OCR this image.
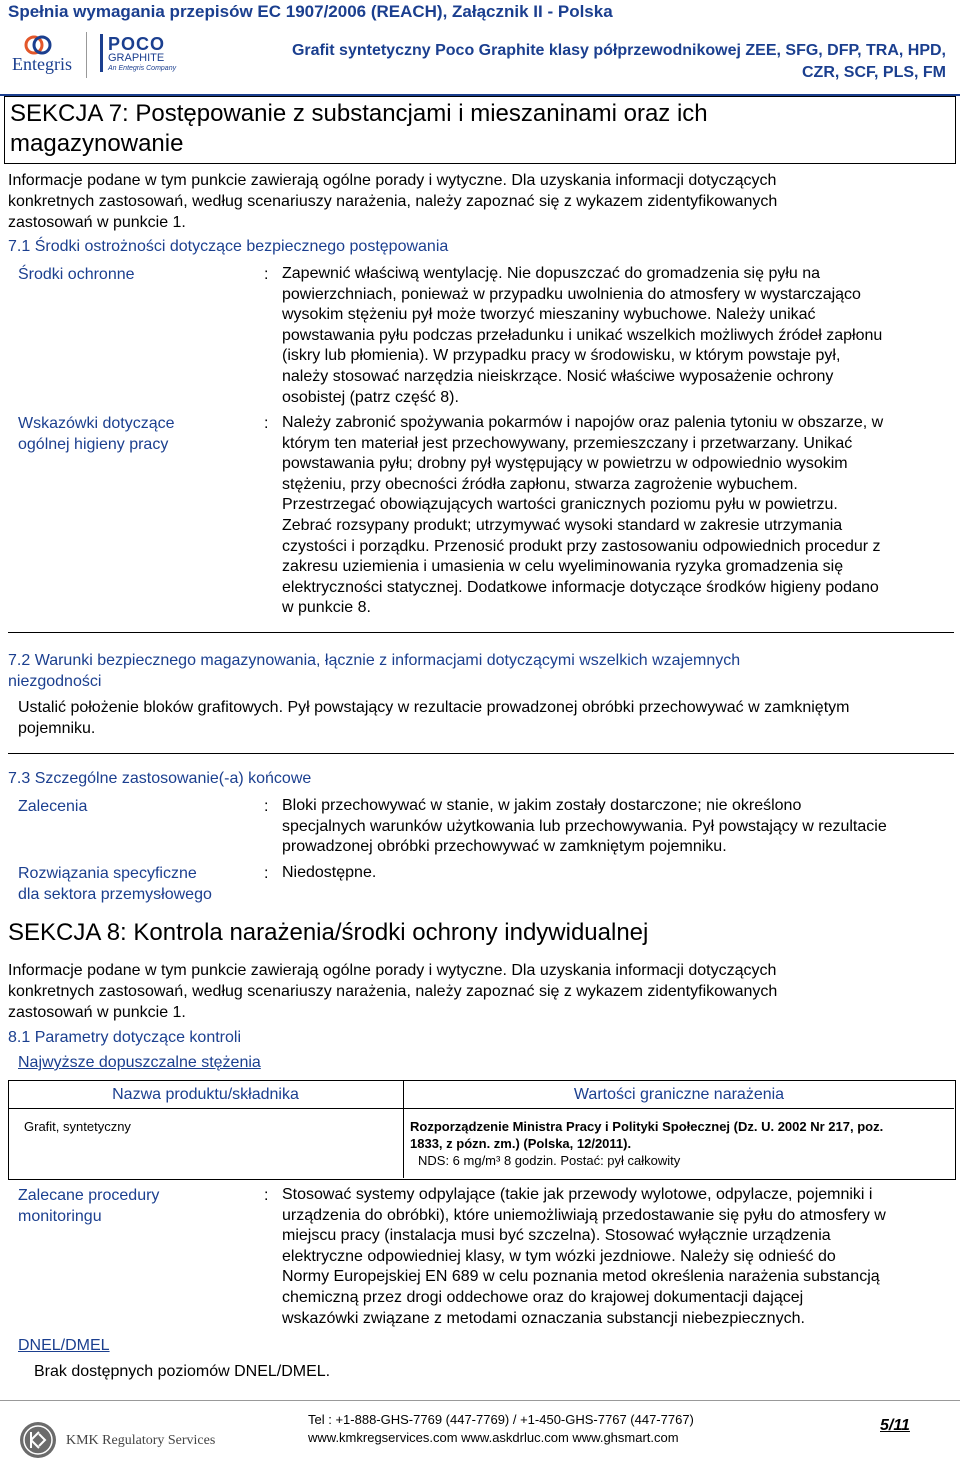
Spełnia wymagania przepisów EC 1907/2006 (REACH), Załącznik II - Polska
Entegris
POCO
GRAPHITE
An Entegris Company
Grafit syntetyczny Poco Graphite klasy półprzewodnikowej ZEE, SFG, DFP, TRA, HPD,
CZR, SCF, PLS, FM
SEKCJA 7: Postępowanie z substancjami i mieszaninami oraz ich
magazynowanie
Informacje podane w tym punkcie zawierają ogólne porady i wytyczne. Dla uzyskania informacji dotyczących
konkretnych zastosowań, według scenariuszy narażenia, należy zapoznać się z wykazem zidentyfikowanych
zastosowań w punkcie 1.
7.1 Środki ostrożności dotyczące bezpiecznego postępowania
Środki ochronne	: Zapewnić właściwą wentylację. Nie dopuszczać do gromadzenia się pyłu na
powierzchniach, ponieważ w przypadku uwolnienia do atmosfery w wystarczająco
wysokim stężeniu pył może tworzyć mieszaniny wybuchowe. Należy unikać
powstawania pyłu podczas przeładunku i unikać wszelkich możliwych źródeł zapłonu
(iskry lub płomienia). W przypadku pracy w środowisku, w którym powstaje pył,
należy stosować narzędzia nieiskrzące. Nosić właściwe wyposażenie ochrony
osobistej (patrz część 8).
Wskazówki dotyczące
ogólnej higieny pracy
: Należy zabronić spożywania pokarmów i napojów oraz palenia tytoniu w obszarze, w
którym ten materiał jest przechowywany, przemieszczany i przetwarzany. Unikać
powstawania pyłu; drobny pył występujący w powietrzu w odpowiednio wysokim
stężeniu, przy obecności źródła zapłonu, stwarza zagrożenie wybuchem.
Przestrzegać obowiązujących wartości granicznych poziomu pyłu w powietrzu.
Zebrać rozsypany produkt; utrzymywać wysoki standard w zakresie utrzymania
czystości i porządku. Przenosić produkt przy zastosowaniu odpowiednich procedur z
zakresu uziemienia i umasienia w celu wyeliminowania ryzyka gromadzenia się
elektryczności statycznej. Dodatkowe informacje dotyczące środków higieny podano
w punkcie 8.
7.2 Warunki bezpiecznego magazynowania, łącznie z informacjami dotyczącymi wszelkich wzajemnych
niezgodności
Ustalić położenie bloków grafitowych. Pył powstający w rezultacie prowadzonej obróbki przechowywać w zamkniętym
pojemniku.
7.3 Szczególne zastosowanie(-a) końcowe
Zalecenia	: Bloki przechowywać w stanie, w jakim zostały dostarczone; nie określono
specjalnych warunków użytkowania lub przechowywania. Pył powstający w rezultacie
prowadzonej obróbki przechowywać w zamkniętym pojemniku.
Rozwiązania specyficzne
dla sektora przemysłowego
: Niedostępne.
SEKCJA 8: Kontrola narażenia/środki ochrony indywidualnej
Informacje podane w tym punkcie zawierają ogólne porady i wytyczne. Dla uzyskania informacji dotyczących
konkretnych zastosowań, według scenariuszy narażenia, należy zapoznać się z wykazem zidentyfikowanych
zastosowań w punkcie 1.
8.1 Parametry dotyczące kontroli
Najwyższe dopuszczalne stężenia
Nazwa produktu/składnika	Wartości graniczne narażenia
Grafit, syntetyczny	Rozporządzenie Ministra Pracy i Polityki Społecznej (Dz. U. 2002 Nr 217, poz.
1833, z pózn. zm.) (Polska, 12/2011).
NDS: 6 mg/m³ 8 godzin. Postać: pył całkowity
Zalecane procedury
monitoringu
: Stosować systemy odpylające (takie jak przewody wylotowe, odpylacze, pojemniki i
urządzenia do obróbki), które uniemożliwiają przedostawanie się pyłu do atmosfery w
miejscu pracy (instalacja musi być szczelna). Stosować wyłącznie urządzenia
elektryczne odpowiedniej klasy, w tym wózki jezdniowe. Należy się odnieść do
Normy Europejskiej EN 689 w celu poznania metod określenia narażenia substancją
chemiczną przez drogi oddechowe oraz do krajowej dokumentacji dającej
wskazówki związane z metodami oznaczania substancji niebezpiecznych.
DNEL/DMEL
Brak dostępnych poziomów DNEL/DMEL.
KMK Regulatory Services
Tel : +1-888-GHS-7769 (447-7769) / +1-450-GHS-7767 (447-7767)
www.kmkregservices.com www.askdrluc.com www.ghsmart.com
5/11
